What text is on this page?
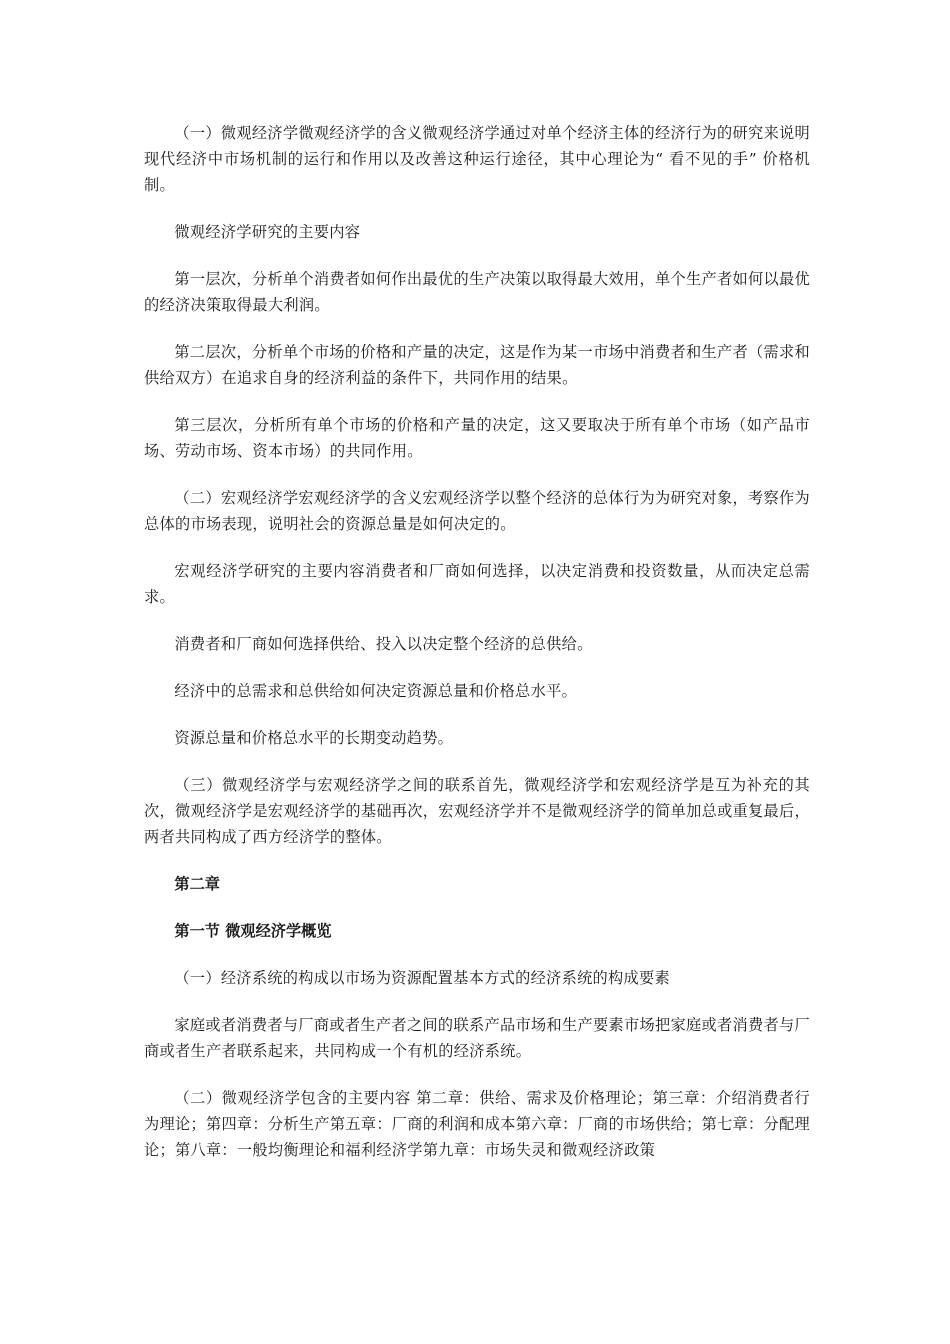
（一）微观经济学微观经济学的含义微观经济学通过对单个经济主体的经济行为的研究来说明现代经济中市场机制的运行和作用以及改善这种运行途径，其中心理论为“ 看不见的手” 价格机制。

微观经济学研究的主要内容

第一层次，分析单个消费者如何作出最优的生产决策以取得最大效用，单个生产者如何以最优的经济决策取得最大利润。

第二层次，分析单个市场的价格和产量的决定，这是作为某一市场中消费者和生产者（需求和供给双方）在追求自身的经济利益的条件下，共同作用的结果。

第三层次，分析所有单个市场的价格和产量的决定，这又要取决于所有单个市场（如产品市场、劳动市场、资本市场）的共同作用。

（二）宏观经济学宏观经济学的含义宏观经济学以整个经济的总体行为为研究对象，考察作为总体的市场表现，说明社会的资源总量是如何决定的。

宏观经济学研究的主要内容消费者和厂商如何选择，以决定消费和投资数量，从而决定总需求。

消费者和厂商如何选择供给、投入以决定整个经济的总供给。

经济中的总需求和总供给如何决定资源总量和价格总水平。

资源总量和价格总水平的长期变动趋势。

（三）微观经济学与宏观经济学之间的联系首先，微观经济学和宏观经济学是互为补充的其次，微观经济学是宏观经济学的基础再次，宏观经济学并不是微观经济学的简单加总或重复最后，两者共同构成了西方经济学的整体。

第二章

第一节 微观经济学概览

（一）经济系统的构成以市场为资源配置基本方式的经济系统的构成要素

家庭或者消费者与厂商或者生产者之间的联系产品市场和生产要素市场把家庭或者消费者与厂商或者生产者联系起来，共同构成一个有机的经济系统。

（二）微观经济学包含的主要内容 第二章：供给、需求及价格理论；第三章：介绍消费者行为理论；第四章：分析生产第五章：厂商的利润和成本第六章：厂商的市场供给；第七章：分配理论；第八章：一般均衡理论和福利经济学第九章：市场失灵和微观经济政策
